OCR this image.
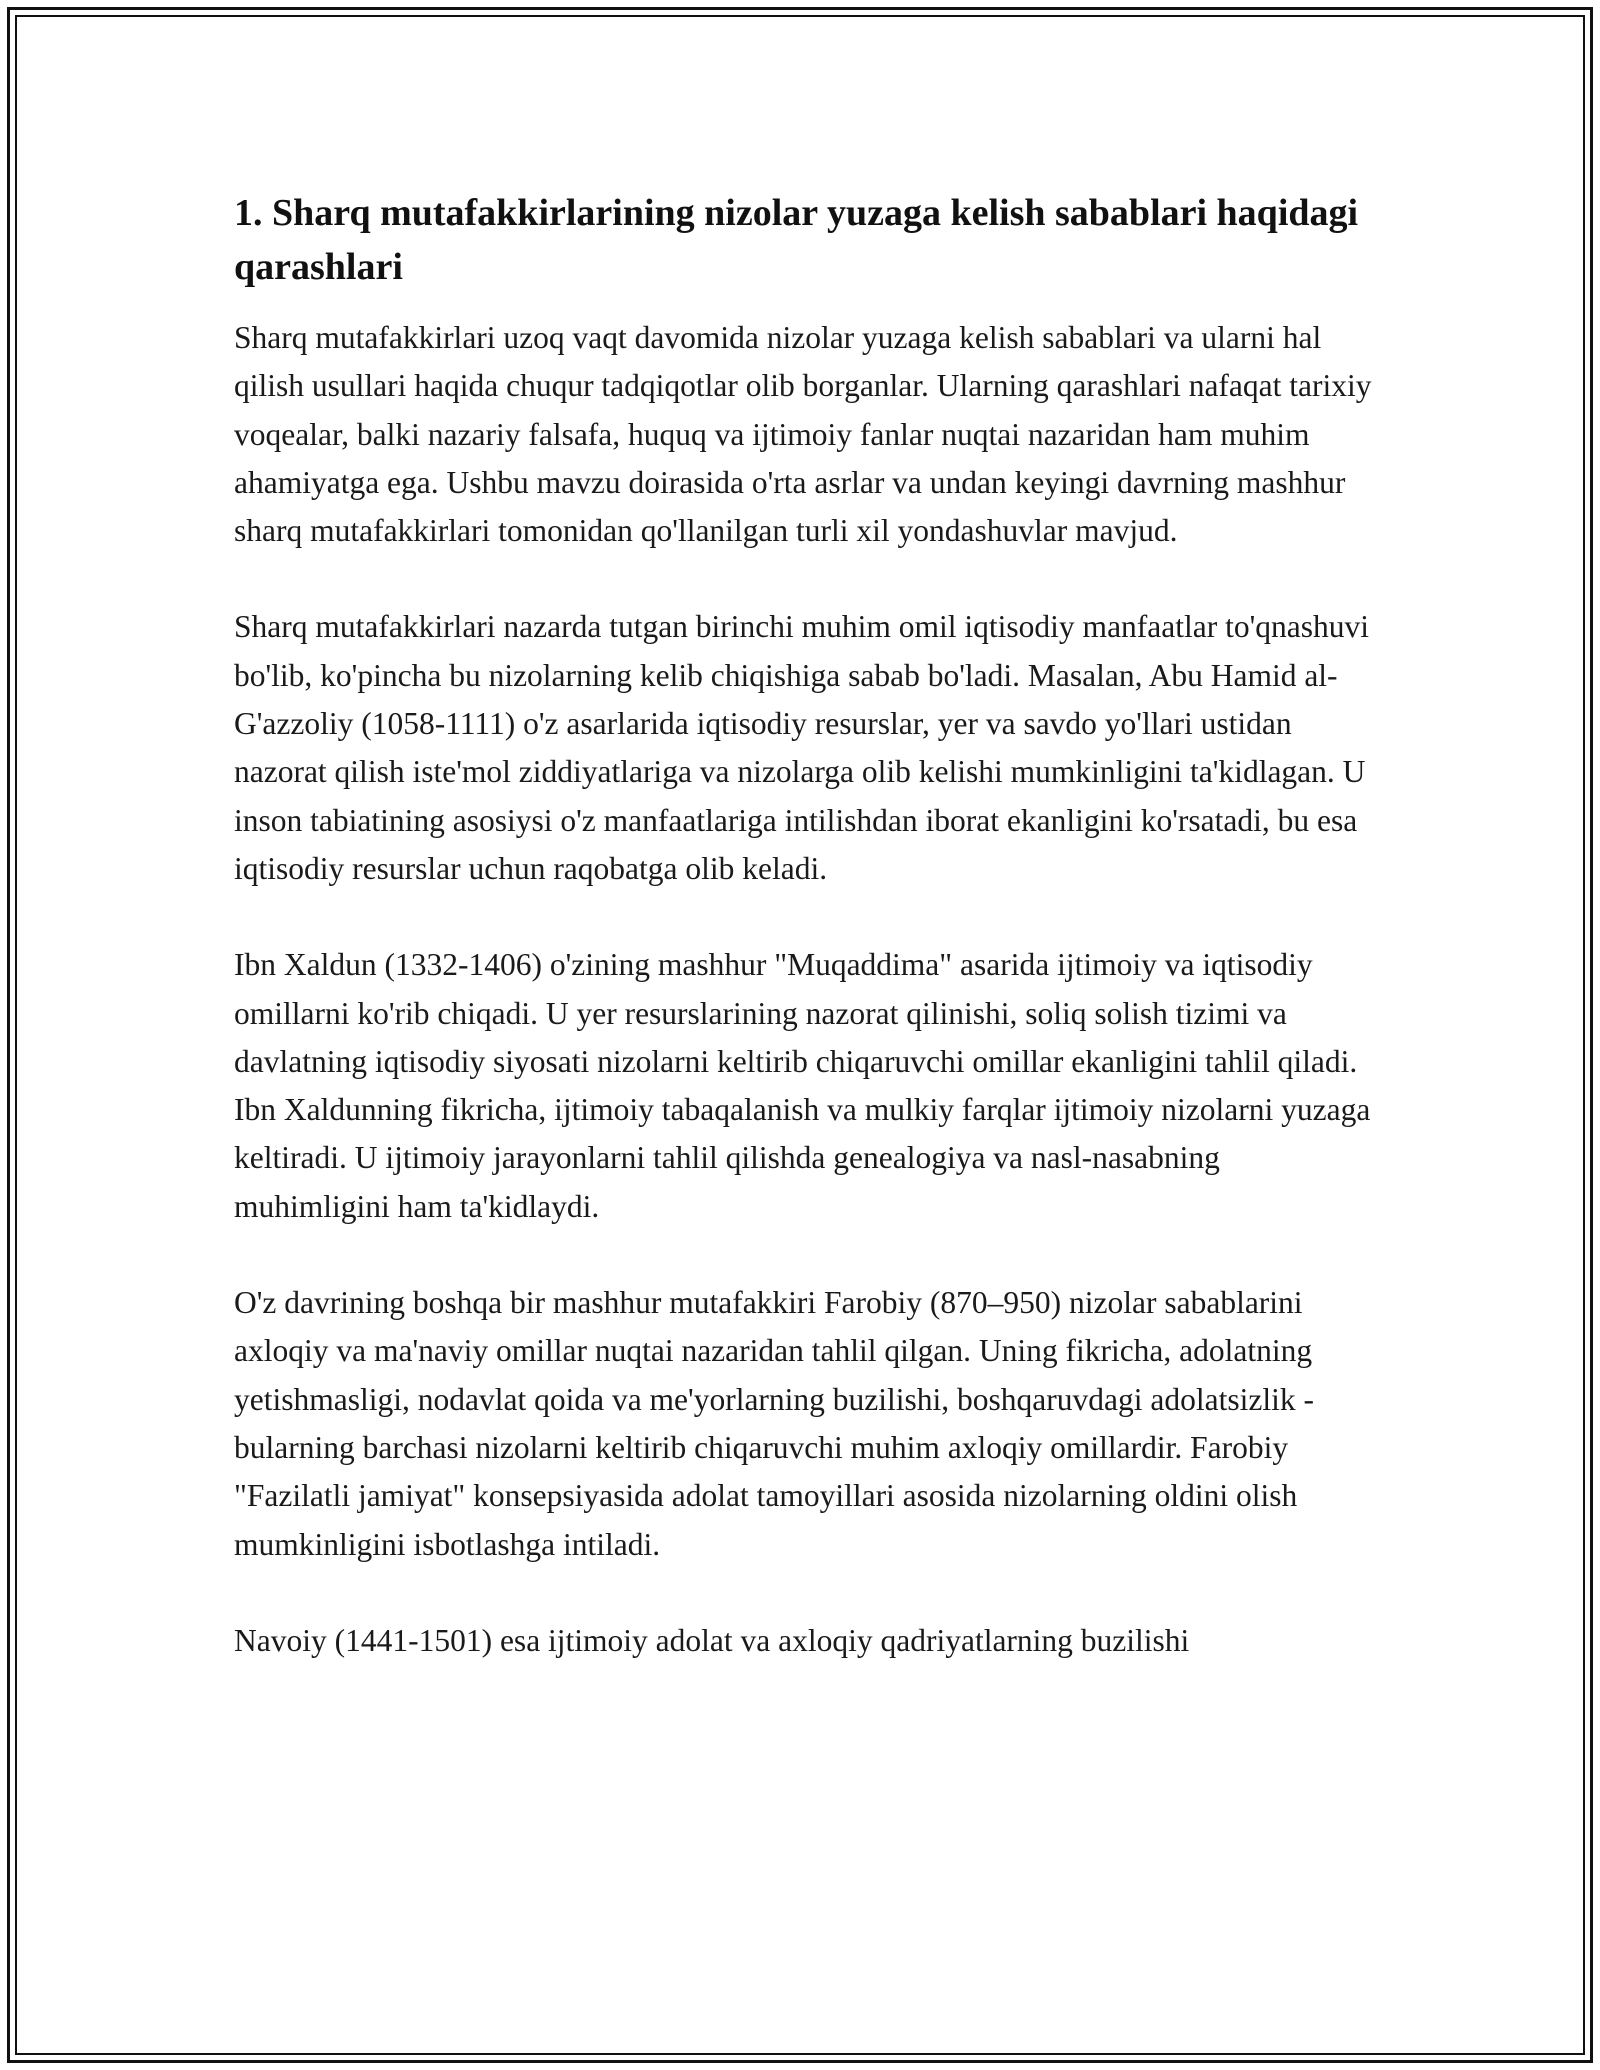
1. Sharq mutafakkirlarining nizolar yuzaga kelish sabablari haqidagi qarashlari

Sharq mutafakkirlari uzoq vaqt davomida nizolar yuzaga kelish sabablari va ularni hal qilish usullari haqida chuqur tadqiqotlar olib borganlar. Ularning qarashlari nafaqat tarixiy voqealar, balki nazariy falsafa, huquq va ijtimoiy fanlar nuqtai nazaridan ham muhim ahamiyatga ega. Ushbu mavzu doirasida o'rta asrlar va undan keyingi davrning mashhur sharq mutafakkirlari tomonidan qo'llanilgan turli xil yondashuvlar mavjud.

Sharq mutafakkirlari nazarda tutgan birinchi muhim omil iqtisodiy manfaatlar to'qnashuvi bo'lib, ko'pincha bu nizolarning kelib chiqishiga sabab bo'ladi. Masalan, Abu Hamid al-G'azzoliy (1058-1111) o'z asarlarida iqtisodiy resurslar, yer va savdo yo'llari ustidan nazorat qilish iste'mol ziddiyatlariga va nizolarga olib kelishi mumkinligini ta'kidlagan. U inson tabiatining asosiysi o'z manfaatlariga intilishdan iborat ekanligini ko'rsatadi, bu esa iqtisodiy resurslar uchun raqobatga olib keladi.

Ibn Xaldun (1332-1406) o'zining mashhur "Muqaddima" asarida ijtimoiy va iqtisodiy omillarni ko'rib chiqadi. U yer resurslarining nazorat qilinishi, soliq solish tizimi va davlatning iqtisodiy siyosati nizolarni keltirib chiqaruvchi omillar ekanligini tahlil qiladi. Ibn Xaldunning fikricha, ijtimoiy tabaqalanish va mulkiy farqlar ijtimoiy nizolarni yuzaga keltiradi. U ijtimoiy jarayonlarni tahlil qilishda genealogiya va nasl-nasabning muhimligini ham ta'kidlaydi.

O'z davrining boshqa bir mashhur mutafakkiri Farobiy (870–950) nizolar sabablarini axloqiy va ma'naviy omillar nuqtai nazaridan tahlil qilgan. Uning fikricha, adolatning yetishmasligi, nodavlat qoida va me'yorlarning buzilishi, boshqaruvdagi adolatsizlik - bularning barchasi nizolarni keltirib chiqaruvchi muhim axloqiy omillardir. Farobiy "Fazilatli jamiyat" konsepsiyasida adolat tamoyillari asosida nizolarning oldini olish mumkinligini isbotlashga intiladi.

Navoiy (1441-1501) esa ijtimoiy adolat va axloqiy qadriyatlarning buzilishi
